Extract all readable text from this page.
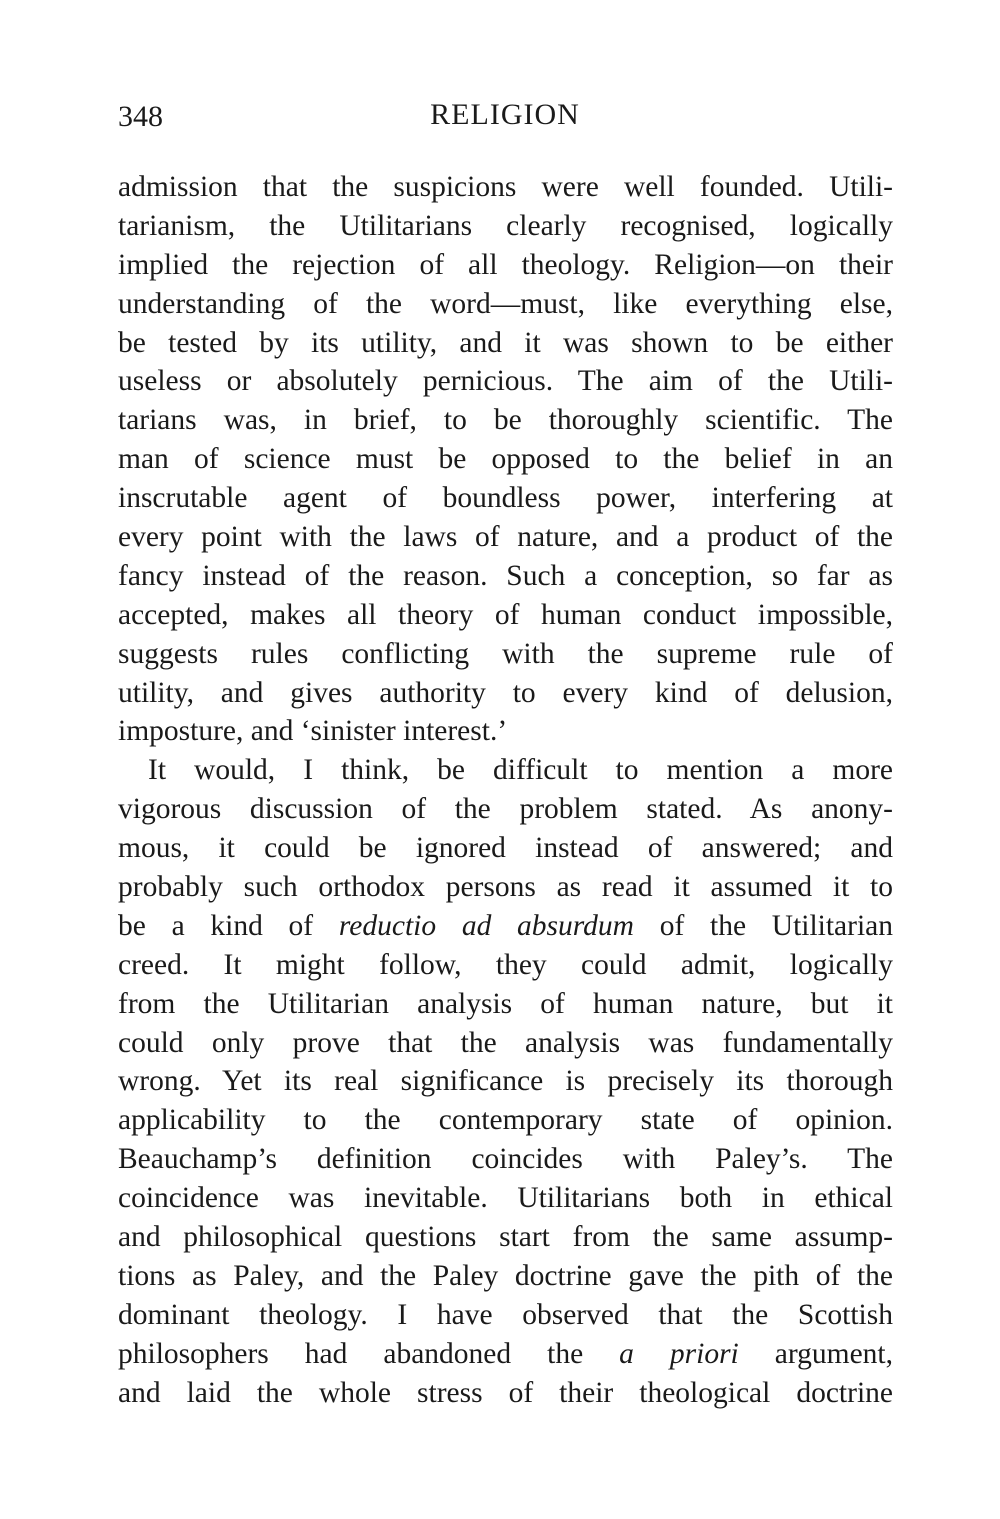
348	RELIGION
admission that the suspicions were well founded. Utili-
tarianism, the Utilitarians clearly recognised, logically
implied the rejection of all theology. Religion—on their
understanding of the word—must, like everything else,
be tested by its utility, and it was shown to be either
useless or absolutely pernicious. The aim of the Utili-
tarians was, in brief, to be thoroughly scientific. The
man of science must be opposed to the belief in an
inscrutable agent of boundless power, interfering at
every point with the laws of nature, and a product of the
fancy instead of the reason. Such a conception, so far as
accepted, makes all theory of human conduct impossible,
suggests rules conflicting with the supreme rule of
utility, and gives authority to every kind of delusion,
imposture, and ‘sinister interest.’
It would, I think, be difficult to mention a more
vigorous discussion of the problem stated. As anony-
mous, it could be ignored instead of answered; and
probably such orthodox persons as read it assumed it to
be a kind of reductio ad absurdum of the Utilitarian
creed. It might follow, they could admit, logically
from the Utilitarian analysis of human nature, but it
could only prove that the analysis was fundamentally
wrong. Yet its real significance is precisely its thorough
applicability to the contemporary state of opinion.
Beauchamp’s definition coincides with Paley’s. The
coincidence was inevitable. Utilitarians both in ethical
and philosophical questions start from the same assump-
tions as Paley, and the Paley doctrine gave the pith of the
dominant theology. I have observed that the Scottish
philosophers had abandoned the a priori argument,
and laid the whole stress of their theological doctrine
